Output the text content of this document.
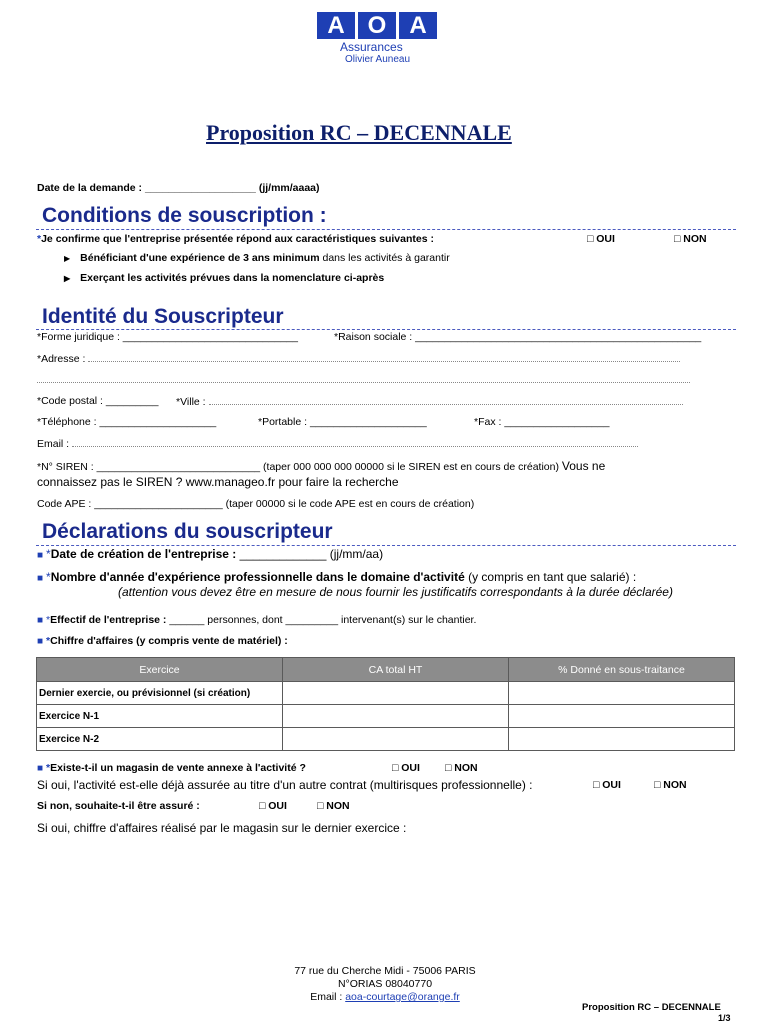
A O A
Assurances
Olivier Auneau
Proposition RC – DECENNALE
Date de la demande : ___________________ (jj/mm/aaaa)
Conditions de souscription :
*Je confirme que l'entreprise présentée répond aux caractéristiques suivantes :	□ OUI	□ NON
▶ Bénéficiant d'une expérience de 3 ans minimum dans les activités à garantir
▶ Exerçant les activités prévues dans la nomenclature ci-après
Identité du Souscripteur
*Forme juridique : ______________________________	*Raison sociale : _________________________________________________
*Adresse :
*Code postal : _________ *Ville :
*Téléphone : ____________________	*Portable : ____________________	*Fax : __________________
Email :
*N° SIREN : ____________________________ (taper 000 000 000 00000 si le SIREN est en cours de création) Vous ne
connaissez pas le SIREN ? www.manageo.fr pour faire la recherche
Code APE : ______________________ (taper 00000 si le code APE est en cours de création)
Déclarations du souscripteur
■ *Date de création de l'entreprise : _____________ (jj/mm/aa)
■ *Nombre d'année d'expérience professionnelle dans le domaine d'activité (y compris en tant que salarié) :
(attention vous devez être en mesure de nous fournir les justificatifs correspondants à la durée déclarée)
■ *Effectif de l'entreprise : ______ personnes, dont _________ intervenant(s) sur le chantier.
■ *Chiffre d'affaires (y compris vente de matériel) :
Exercice	CA total HT	% Donné en sous-traitance
Dernier exercie, ou prévisionnel (si création)		
Exercice N-1		
Exercice N-2		
■ *Existe-t-il un magasin de vente annexe à l'activité ?	□ OUI □ NON
Si oui, l'activité est-elle déjà assurée au titre d'un autre contrat (multirisques professionnelle) :	□ OUI	□ NON
Si non, souhaite-t-il être assuré :	□ OUI	□ NON
Si oui, chiffre d'affaires réalisé par le magasin sur le dernier exercice :
77 rue du Cherche Midi - 75006 PARIS
N°ORIAS 08040770
Email : aoa-courtage@orange.fr
Proposition RC – DECENNALE
1/3
